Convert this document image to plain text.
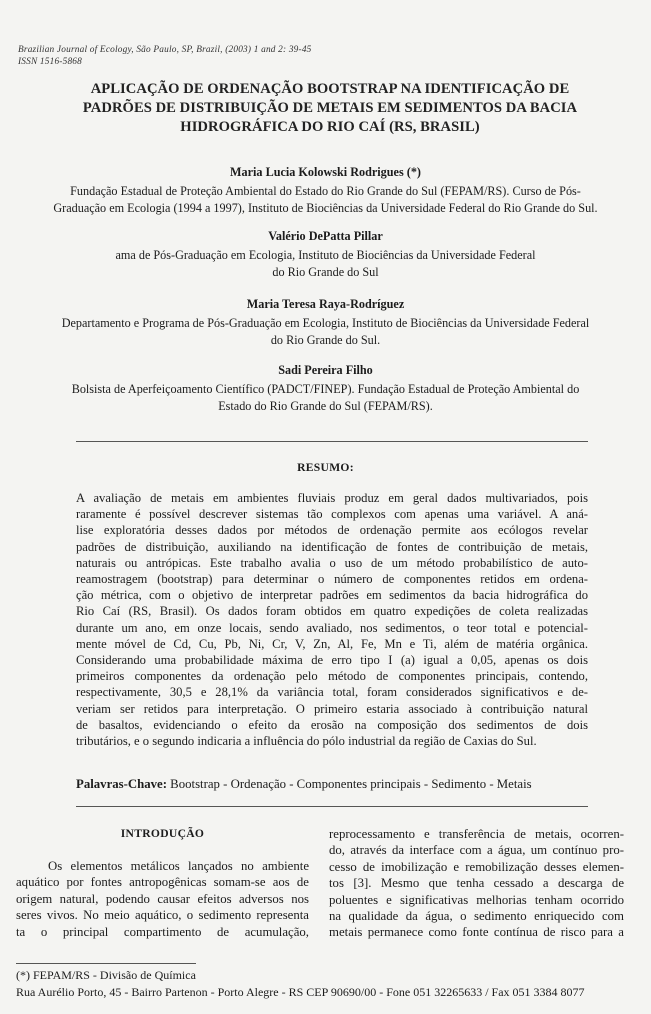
Brazilian Journal of Ecology, São Paulo, SP, Brazil, (2003) 1 and 2: 39-45
ISSN 1516-5868
APLICAÇÃO DE ORDENAÇÃO BOOTSTRAP NA IDENTIFICAÇÃO DE
PADRÕES DE DISTRIBUIÇÃO DE METAIS EM SEDIMENTOS DA BACIA
HIDROGRÁFICA DO RIO CAÍ (RS, BRASIL)
Maria Lucia Kolowski Rodrigues (*)
Fundação Estadual de Proteção Ambiental do Estado do Rio Grande do Sul (FEPAM/RS). Curso de Pós-
Graduação em Ecologia (1994 a 1997), Instituto de Biociências da Universidade Federal do Rio Grande do Sul.
Valério DePatta Pillar
ama de Pós-Graduação em Ecologia, Instituto de Biociências da Universidade Federal
do Rio Grande do Sul
Maria Teresa Raya-Rodríguez
Departamento e Programa de Pós-Graduação em Ecologia, Instituto de Biociências da Universidade Federal
do Rio Grande do Sul.
Sadi Pereira Filho
Bolsista de Aperfeiçoamento Científico (PADCT/FINEP). Fundação Estadual de Proteção Ambiental do
Estado do Rio Grande do Sul (FEPAM/RS).
RESUMO:
A avaliação de metais em ambientes fluviais produz em geral dados multivariados, pois
raramente é possível descrever sistemas tão complexos com apenas uma variável. A aná-
lise exploratória desses dados por métodos de ordenação permite aos ecólogos revelar
padrões de distribuição, auxiliando na identificação de fontes de contribuição de metais,
naturais ou antrópicas. Este trabalho avalia o uso de um método probabilístico de auto-
reamostragem (bootstrap) para determinar o número de componentes retidos em ordena-
ção métrica, com o objetivo de interpretar padrões em sedimentos da bacia hidrográfica do
Rio Caí (RS, Brasil). Os dados foram obtidos em quatro expedições de coleta realizadas
durante um ano, em onze locais, sendo avaliado, nos sedimentos, o teor total e potencial-
mente móvel de Cd, Cu, Pb, Ni, Cr, V, Zn, Al, Fe, Mn e Ti, além de matéria orgânica.
Considerando uma probabilidade máxima de erro tipo I (a) igual a 0,05, apenas os dois
primeiros componentes da ordenação pelo método de componentes principais, contendo,
respectivamente, 30,5 e 28,1% da variância total, foram considerados significativos e de-
veriam ser retidos para interpretação. O primeiro estaria associado à contribuição natural
de basaltos, evidenciando o efeito da erosão na composição dos sedimentos de dois
tributários, e o segundo indicaria a influência do pólo industrial da região de Caxias do Sul.
Palavras-Chave: Bootstrap - Ordenação - Componentes principais - Sedimento - Metais
INTRODUÇÃO
Os elementos metálicos lançados no ambiente
aquático por fontes antropogênicas somam-se aos de
origem natural, podendo causar efeitos adversos nos
seres vivos. No meio aquático, o sedimento representa
ta o principal compartimento de acumulação,
reprocessamento e transferência de metais, ocorren-
do, através da interface com a água, um contínuo pro-
cesso de imobilização e remobilização desses elemen-
tos [3]. Mesmo que tenha cessado a descarga de
poluentes e significativas melhorias tenham ocorrido
na qualidade da água, o sedimento enriquecido com
metais permanece como fonte contínua de risco para a
(*) FEPAM/RS - Divisão de Química
Rua Aurélio Porto, 45 - Bairro Partenon - Porto Alegre - RS CEP 90690/00 - Fone 051 32265633 / Fax 051 3384 8077
